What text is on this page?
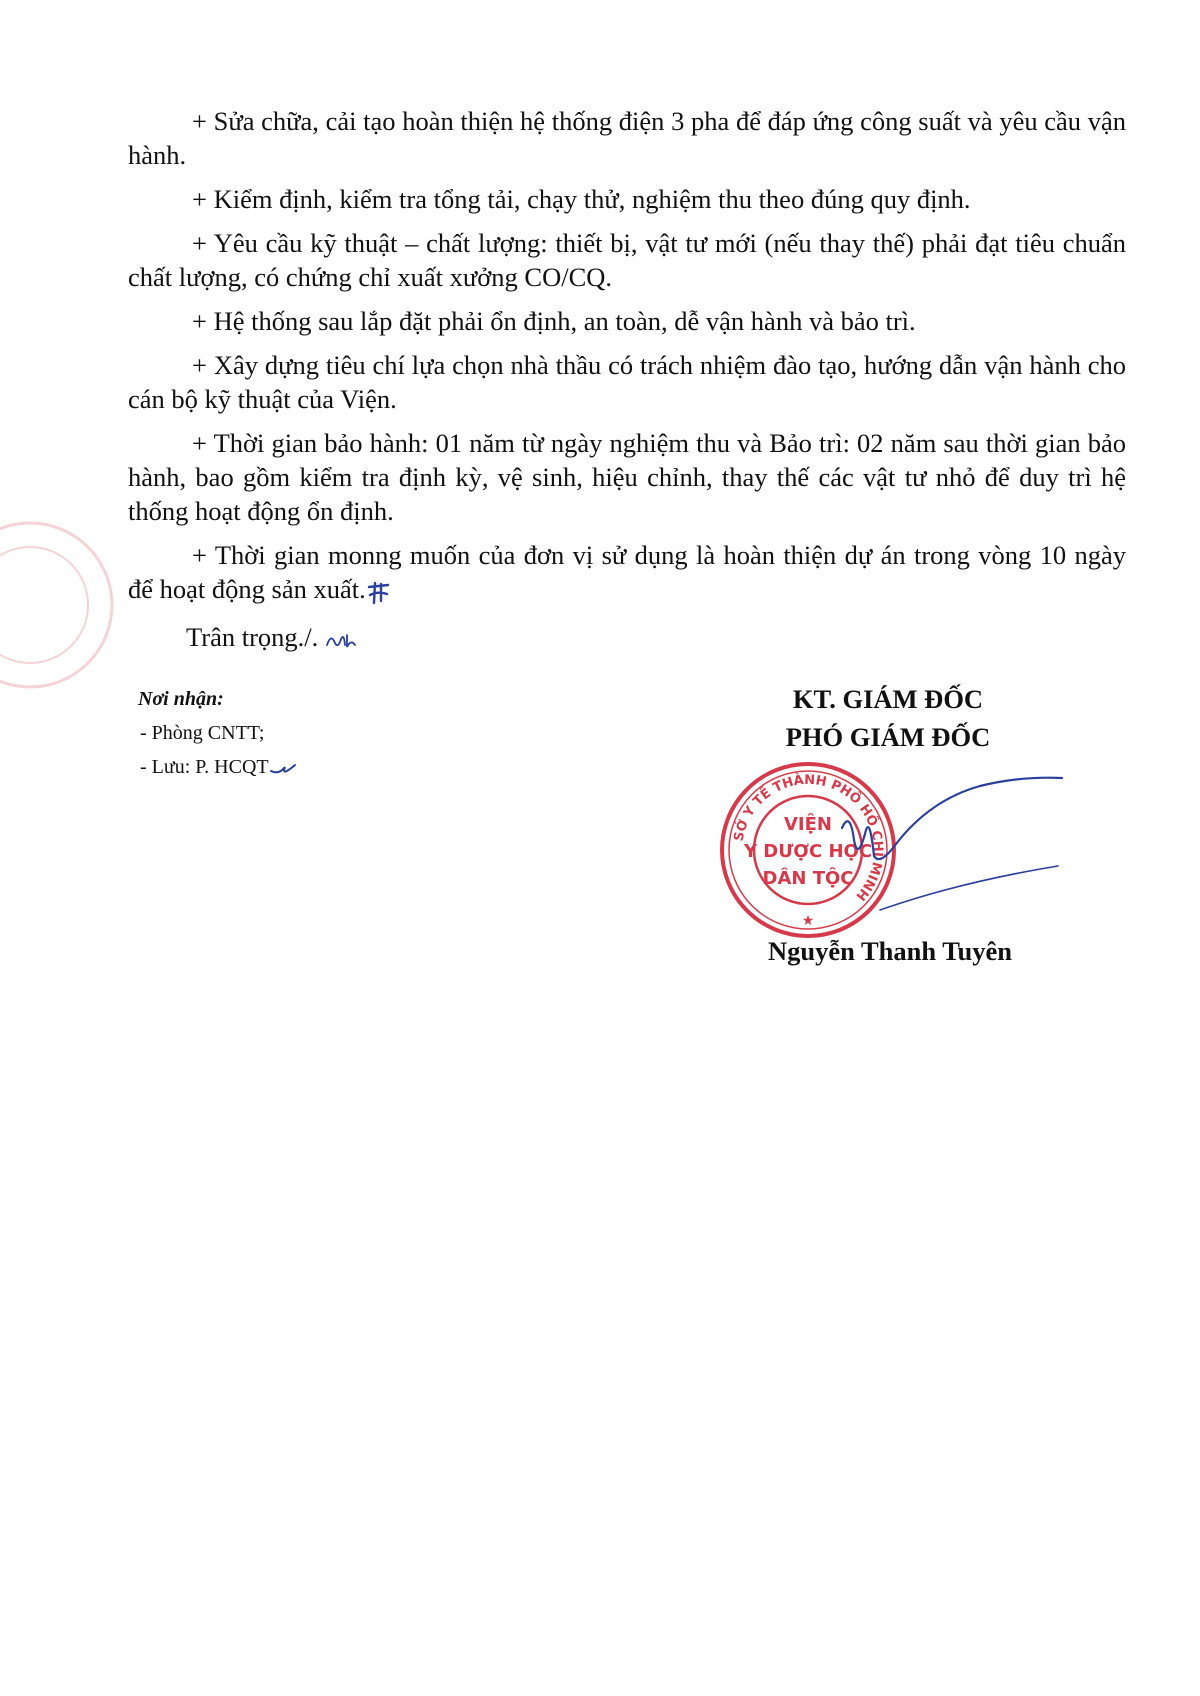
+ Sửa chữa, cải tạo hoàn thiện hệ thống điện 3 pha để đáp ứng công suất và yêu cầu vận hành.

+ Kiểm định, kiểm tra tổng tải, chạy thử, nghiệm thu theo đúng quy định.

+ Yêu cầu kỹ thuật – chất lượng: thiết bị, vật tư mới (nếu thay thế) phải đạt tiêu chuẩn chất lượng, có chứng chỉ xuất xưởng CO/CQ.

+ Hệ thống sau lắp đặt phải ổn định, an toàn, dễ vận hành và bảo trì.

+ Xây dựng tiêu chí lựa chọn nhà thầu có trách nhiệm đào tạo, hướng dẫn vận hành cho cán bộ kỹ thuật của Viện.

+ Thời gian bảo hành: 01 năm từ ngày nghiệm thu và Bảo trì: 02 năm sau thời gian bảo hành, bao gồm kiểm tra định kỳ, vệ sinh, hiệu chỉnh, thay thế các vật tư nhỏ để duy trì hệ thống hoạt động ổn định.

+ Thời gian monng muốn của đơn vị sử dụng là hoàn thiện dự án trong vòng 10 ngày để hoạt động sản xuất.

Trân trọng./.
Nơi nhận:
- Phòng CNTT;
- Lưu: P. HCQT
KT. GIÁM ĐỐC
PHÓ GIÁM ĐỐC
SỞ Y TẾ THÀNH PHỐ HỒ CHÍ MINH
VIỆN
Y DƯỢC HỌC
DÂN TỘC
★
Nguyễn Thanh Tuyên
